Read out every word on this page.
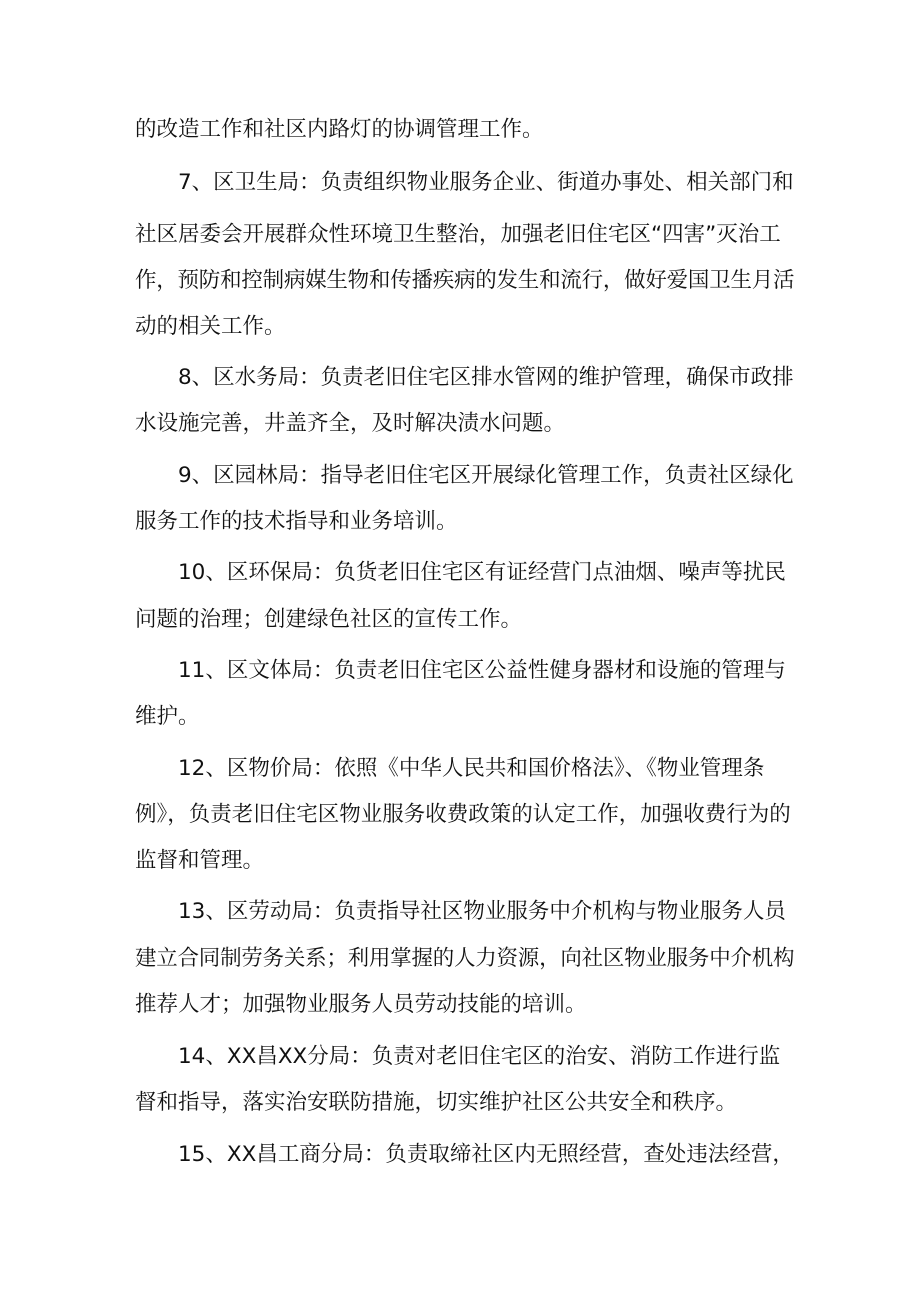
的改造工作和社区内路灯的协调管理工作。
7、区卫生局：负责组织物业服务企业、街道办事处、相关部门和
社区居委会开展群众性环境卫生整治，加强老旧住宅区“四害”灭治工
作，预防和控制病媒生物和传播疾病的发生和流行，做好爱国卫生月活
动的相关工作。
8、区水务局：负责老旧住宅区排水管网的维护管理，确保市政排
水设施完善，井盖齐全，及时解决渍水问题。
9、区园林局：指导老旧住宅区开展绿化管理工作，负责社区绿化
服务工作的技术指导和业务培训。
10、区环保局：负货老旧住宅区有证经营门点油烟、噪声等扰民
问题的治理；创建绿色社区的宣传工作。
11、区文体局：负责老旧住宅区公益性健身器材和设施的管理与
维护。
12、区物价局：依照《中华人民共和国价格法》、《物业管理条
例》，负责老旧住宅区物业服务收费政策的认定工作，加强收费行为的
监督和管理。
13、区劳动局：负责指导社区物业服务中介机构与物业服务人员
建立合同制劳务关系；利用掌握的人力资源，向社区物业服务中介机构
推荐人才；加强物业服务人员劳动技能的培训。
14、XX昌XX分局：负责对老旧住宅区的治安、消防工作进行监
督和指导，落实治安联防措施，切实维护社区公共安全和秩序。
15、XX昌工商分局：负责取缔社区内无照经营，查处违法经营，
